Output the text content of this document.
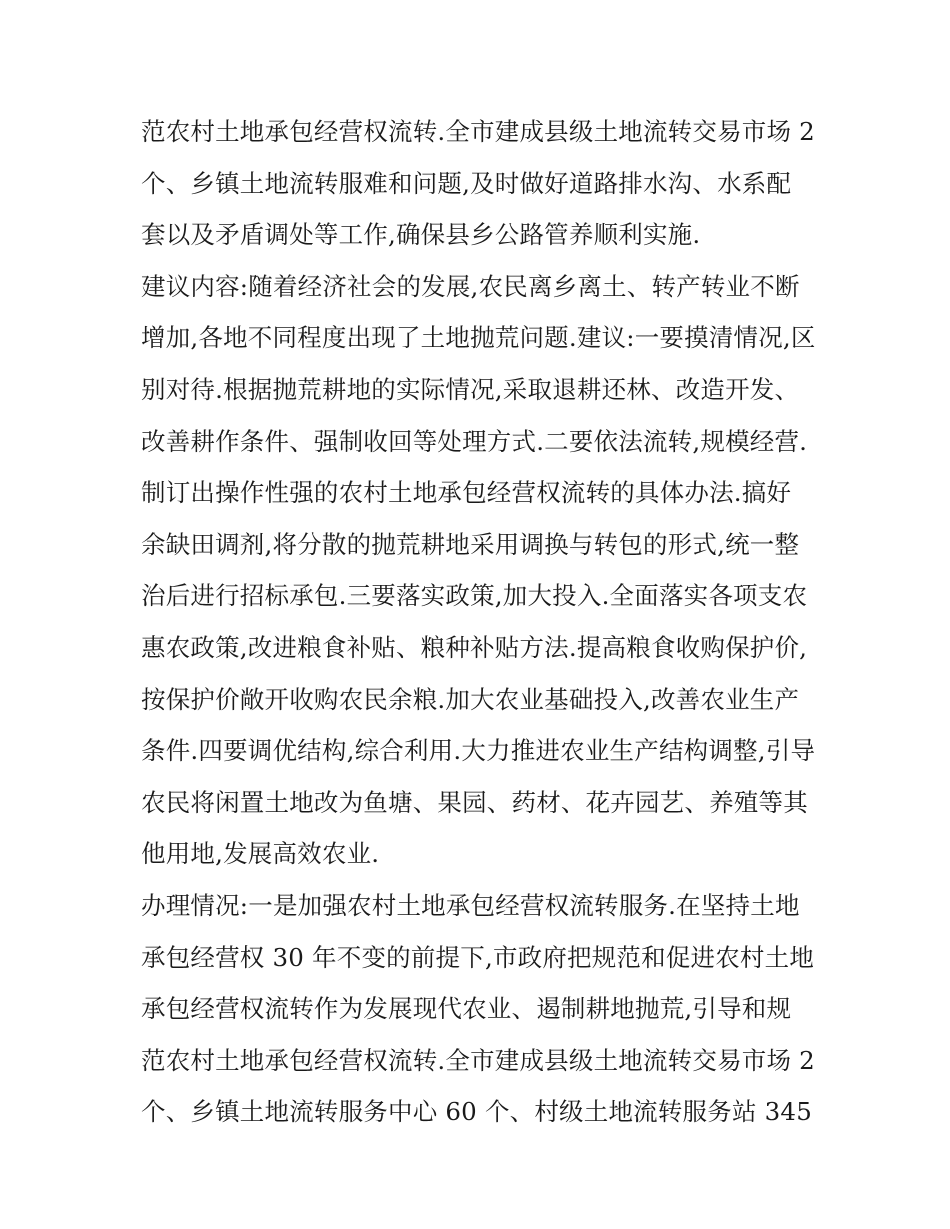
范农村土地承包经营权流转.全市建成县级土地流转交易市场 2
个、乡镇土地流转服难和问题,及时做好道路排水沟、水系配
套以及矛盾调处等工作,确保县乡公路管养顺利实施.
建议内容:随着经济社会的发展,农民离乡离土、转产转业不断
增加,各地不同程度出现了土地抛荒问题.建议:一要摸清情况,区
别对待.根据抛荒耕地的实际情况,采取退耕还林、改造开发、
改善耕作条件、强制收回等处理方式.二要依法流转,规模经营.
制订出操作性强的农村土地承包经营权流转的具体办法.搞好
余缺田调剂,将分散的抛荒耕地采用调换与转包的形式,统一整
治后进行招标承包.三要落实政策,加大投入.全面落实各项支农
惠农政策,改进粮食补贴、粮种补贴方法.提高粮食收购保护价,
按保护价敞开收购农民余粮.加大农业基础投入,改善农业生产
条件.四要调优结构,综合利用.大力推进农业生产结构调整,引导
农民将闲置土地改为鱼塘、果园、药材、花卉园艺、养殖等其
他用地,发展高效农业.
办理情况:一是加强农村土地承包经营权流转服务.在坚持土地
承包经营权 30 年不变的前提下,市政府把规范和促进农村土地
承包经营权流转作为发展现代农业、遏制耕地抛荒,引导和规
范农村土地承包经营权流转.全市建成县级土地流转交易市场 2
个、乡镇土地流转服务中心 60 个、村级土地流转服务站 345
